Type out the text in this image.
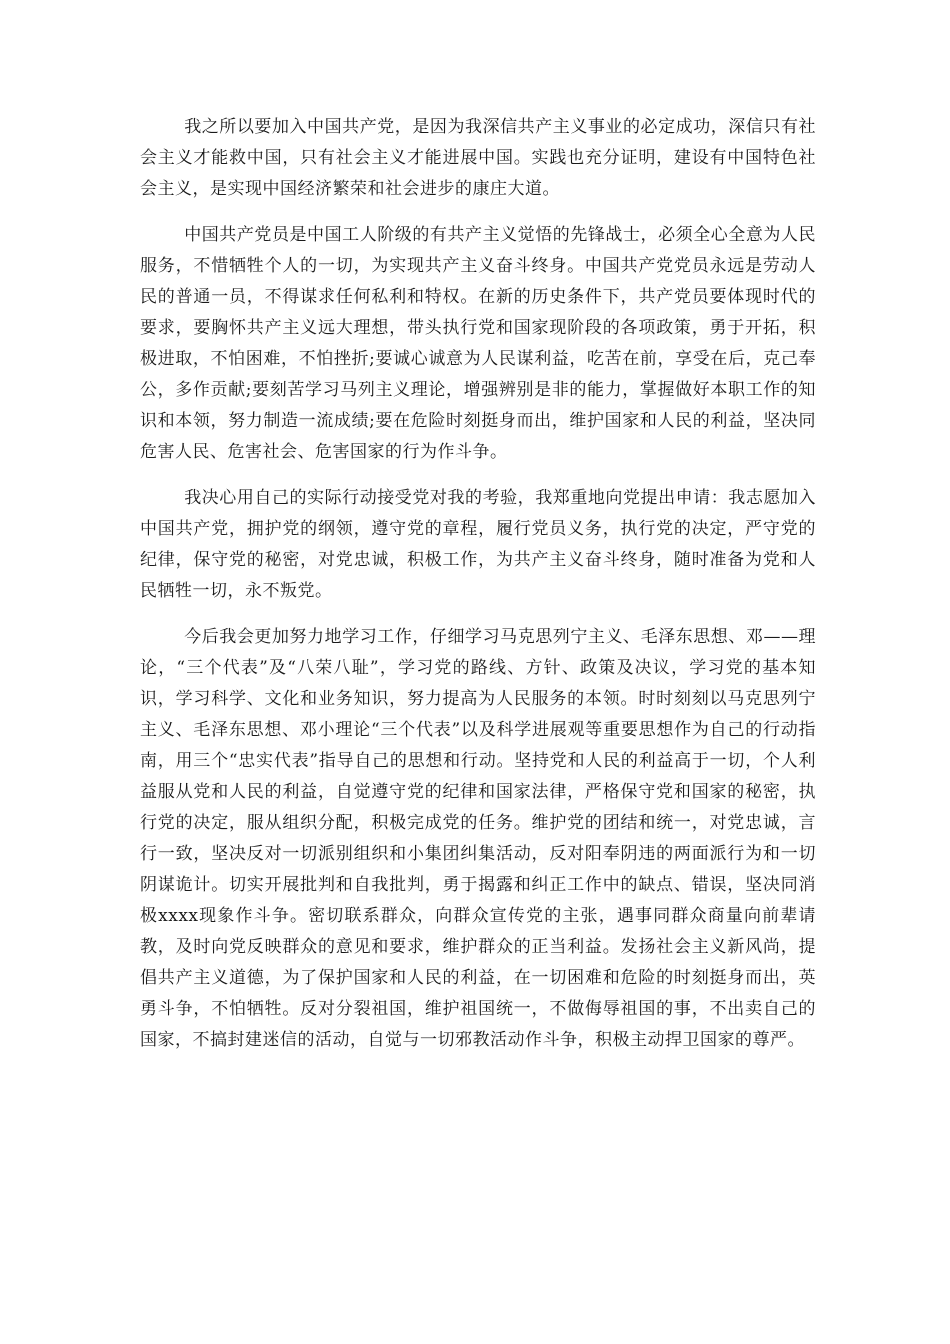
我之所以要加入中国共产党，是因为我深信共产主义事业的必定成功，深信只有社会主义才能救中国，只有社会主义才能进展中国。实践也充分证明，建设有中国特色社会主义，是实现中国经济繁荣和社会进步的康庄大道。

中国共产党员是中国工人阶级的有共产主义觉悟的先锋战士，必须全心全意为人民服务，不惜牺牲个人的一切，为实现共产主义奋斗终身。中国共产党党员永远是劳动人民的普通一员，不得谋求任何私利和特权。在新的历史条件下，共产党员要体现时代的要求，要胸怀共产主义远大理想，带头执行党和国家现阶段的各项政策，勇于开拓，积极进取，不怕困难，不怕挫折;要诚心诚意为人民谋利益，吃苦在前，享受在后，克己奉公，多作贡献;要刻苦学习马列主义理论，增强辨别是非的能力，掌握做好本职工作的知识和本领，努力制造一流成绩;要在危险时刻挺身而出，维护国家和人民的利益，坚决同危害人民、危害社会、危害国家的行为作斗争。

我决心用自己的实际行动接受党对我的考验，我郑重地向党提出申请：我志愿加入中国共产党，拥护党的纲领，遵守党的章程，履行党员义务，执行党的决定，严守党的纪律，保守党的秘密，对党忠诚，积极工作，为共产主义奋斗终身，随时准备为党和人民牺牲一切，永不叛党。

今后我会更加努力地学习工作，仔细学习马克思列宁主义、毛泽东思想、邓——理论，“三个代表”及“八荣八耻”，学习党的路线、方针、政策及决议，学习党的基本知识，学习科学、文化和业务知识，努力提高为人民服务的本领。时时刻刻以马克思列宁主义、毛泽东思想、邓小理论“三个代表”以及科学进展观等重要思想作为自己的行动指南，用三个“忠实代表”指导自己的思想和行动。坚持党和人民的利益高于一切，个人利益服从党和人民的利益，自觉遵守党的纪律和国家法律，严格保守党和国家的秘密，执行党的决定，服从组织分配，积极完成党的任务。维护党的团结和统一，对党忠诚，言行一致，坚决反对一切派别组织和小集团纠集活动，反对阳奉阴违的两面派行为和一切阴谋诡计。切实开展批判和自我批判，勇于揭露和纠正工作中的缺点、错误，坚决同消极xxxx现象作斗争。密切联系群众，向群众宣传党的主张，遇事同群众商量向前辈请教，及时向党反映群众的意见和要求，维护群众的正当利益。发扬社会主义新风尚，提倡共产主义道德，为了保护国家和人民的利益，在一切困难和危险的时刻挺身而出，英勇斗争，不怕牺牲。反对分裂祖国，维护祖国统一，不做侮辱祖国的事，不出卖自己的国家，不搞封建迷信的活动，自觉与一切邪教活动作斗争，积极主动捍卫国家的尊严。
